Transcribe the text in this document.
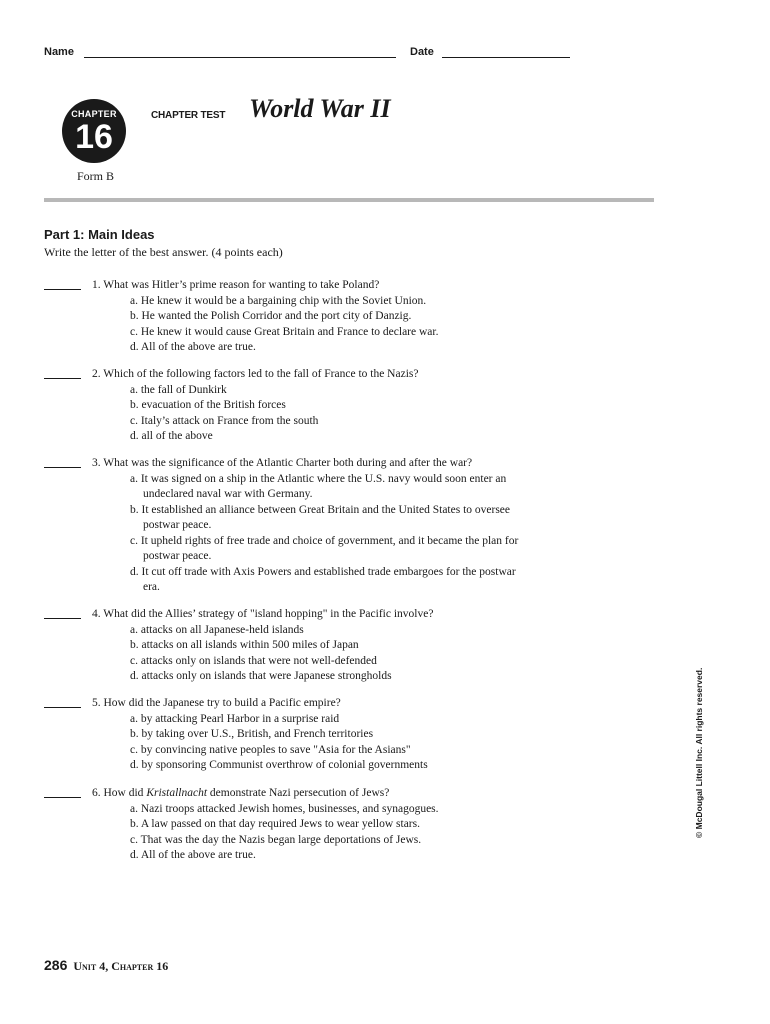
Name	Date
CHAPTER
16
CHAPTER TEST World War II
Form B
Part 1: Main Ideas
Write the letter of the best answer. (4 points each)
1. What was Hitler’s prime reason for wanting to take Poland?
a. He knew it would be a bargaining chip with the Soviet Union.
b. He wanted the Polish Corridor and the port city of Danzig.
c. He knew it would cause Great Britain and France to declare war.
d. All of the above are true.
2. Which of the following factors led to the fall of France to the Nazis?
a. the fall of Dunkirk
b. evacuation of the British forces
c. Italy’s attack on France from the south
d. all of the above
3. What was the significance of the Atlantic Charter both during and after the war?
a. It was signed on a ship in the Atlantic where the U.S. navy would soon enter an undeclared naval war with Germany.
b. It established an alliance between Great Britain and the United States to oversee postwar peace.
c. It upheld rights of free trade and choice of government, and it became the plan for postwar peace.
d. It cut off trade with Axis Powers and established trade embargoes for the postwar era.
4. What did the Allies’ strategy of "island hopping" in the Pacific involve?
a. attacks on all Japanese-held islands
b. attacks on all islands within 500 miles of Japan
c. attacks only on islands that were not well-defended
d. attacks only on islands that were Japanese strongholds
5. How did the Japanese try to build a Pacific empire?
a. by attacking Pearl Harbor in a surprise raid
b. by taking over U.S., British, and French territories
c. by convincing native peoples to save "Asia for the Asians"
d. by sponsoring Communist overthrow of colonial governments
6. How did Kristallnacht demonstrate Nazi persecution of Jews?
a. Nazi troops attacked Jewish homes, businesses, and synagogues.
b. A law passed on that day required Jews to wear yellow stars.
c. That was the day the Nazis began large deportations of Jews.
d. All of the above are true.
© McDougal Littell Inc. All rights reserved.
286 Unit 4, Chapter 16
